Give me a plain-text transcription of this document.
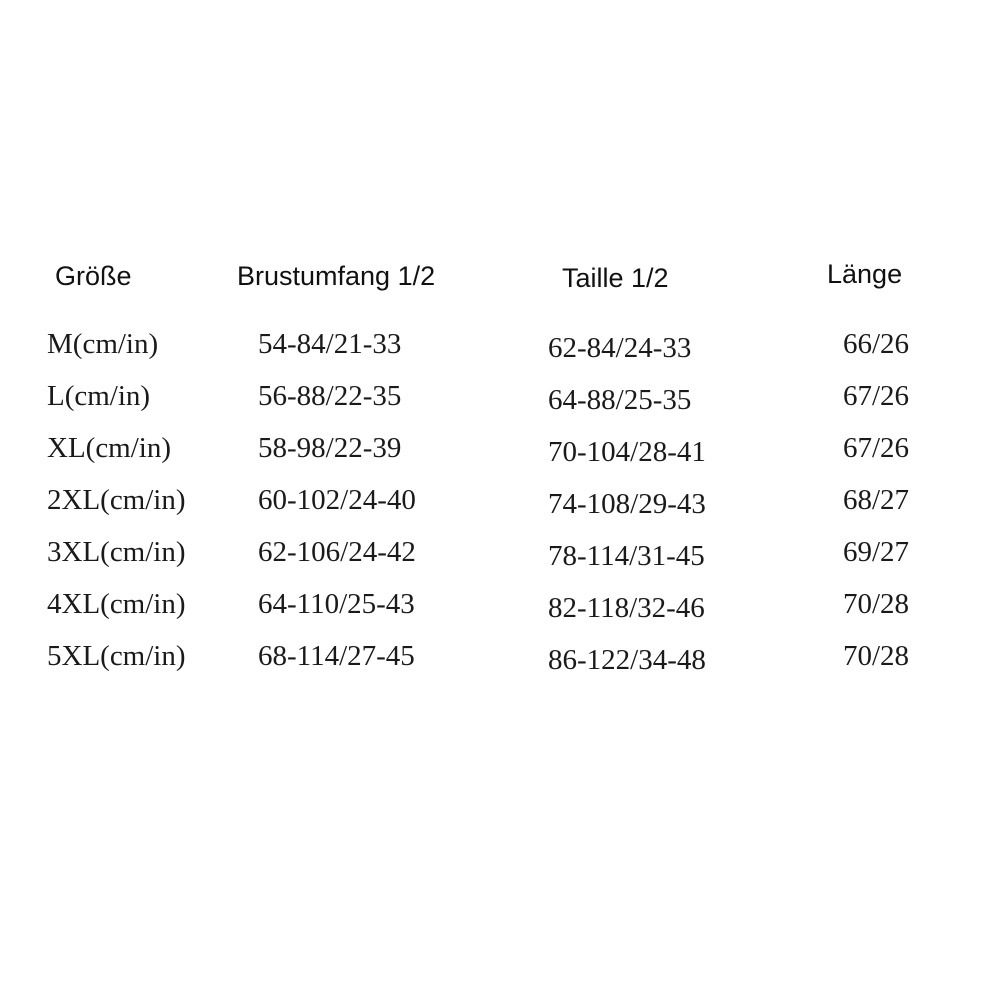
Größe	Brustumfang 1/2	Taille 1/2	Länge
M(cm/in)	54-84/21-33	62-84/24-33	66/26
L(cm/in)	56-88/22-35	64-88/25-35	67/26
XL(cm/in)	58-98/22-39	70-104/28-41	67/26
2XL(cm/in) 60-102/24-40	74-108/29-43	68/27
3XL(cm/in) 62-106/24-42	78-114/31-45	69/27
4XL(cm/in) 64-110/25-43	82-118/32-46	70/28
5XL(cm/in) 68-114/27-45	86-122/34-48	70/28
